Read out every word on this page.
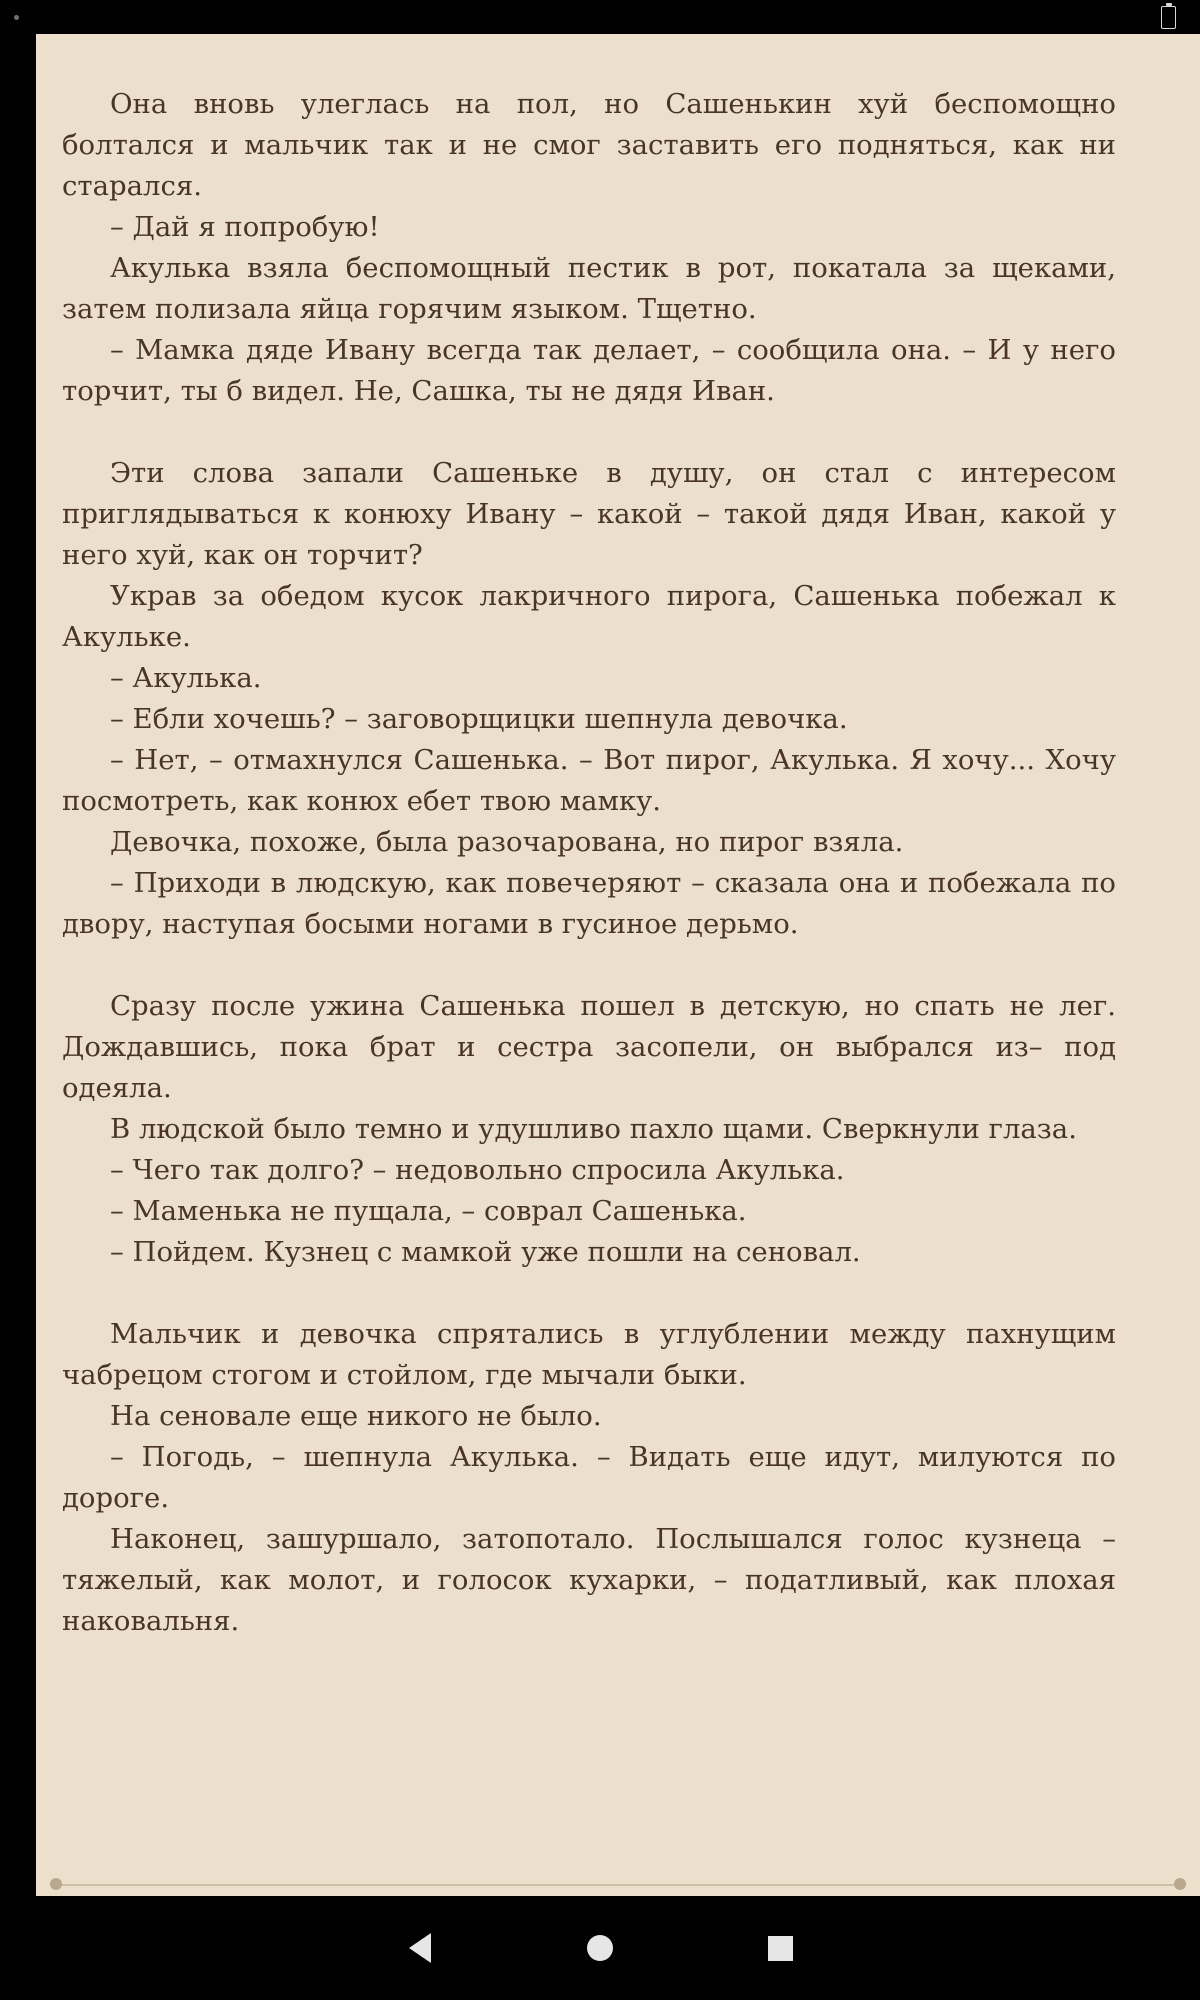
Она вновь улеглась на пол, но Сашенькин хуй беспомощно болтался и мальчик так и не смог заставить его подняться, как ни старался.

– Дай я попробую!

Акулька взяла беспомощный пестик в рот, покатала за щеками, затем полизала яйца горячим языком. Тщетно.

– Мамка дяде Ивану всегда так делает, – сообщила она. – И у него торчит, ты б видел. Не, Сашка, ты не дядя Иван.

Эти слова запали Сашеньке в душу, он стал с интересом приглядываться к конюху Ивану – какой – такой дядя Иван, какой у него хуй, как он торчит?

Украв за обедом кусок лакричного пирога, Сашенька побежал к Акульке.

– Акулька.

– Ебли хочешь? – заговорщицки шепнула девочка.

– Нет, – отмахнулся Сашенька. – Вот пирог, Акулька. Я хочу... Хочу посмотреть, как конюх ебет твою мамку.

Девочка, похоже, была разочарована, но пирог взяла.

– Приходи в людскую, как повечеряют – сказала она и побежала по двору, наступая босыми ногами в гусиное дерьмо.

Сразу после ужина Сашенька пошел в детскую, но спать не лег. Дождавшись, пока брат и сестра засопели, он выбрался из– под одеяла.

В людской было темно и удушливо пахло щами. Сверкнули глаза.

– Чего так долго? – недовольно спросила Акулька.

– Маменька не пущала, – соврал Сашенька.

– Пойдем. Кузнец с мамкой уже пошли на сеновал.

Мальчик и девочка спрятались в углублении между пахнущим чабрецом стогом и стойлом, где мычали быки.

На сеновале еще никого не было.

– Погодь, – шепнула Акулька. – Видать еще идут, милуются по дороге.

Наконец, зашуршало, затопотало. Послышался голос кузнеца – тяжелый, как молот, и голосок кухарки, – податливый, как плохая наковальня.
